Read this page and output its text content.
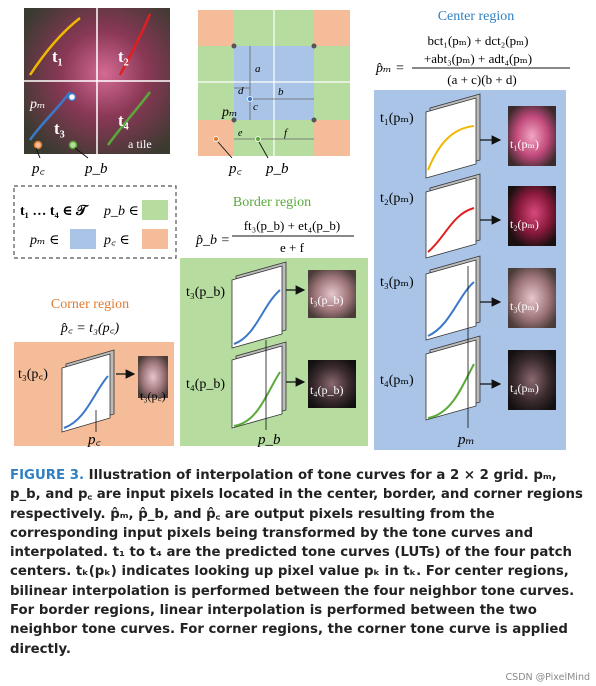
t₁	t₂
t₃	t₄
pₘ
a tile
p꜀	p_b
t₁ … t₄ ∈ 𝒯 p_b ∈
pₘ ∈	p꜀ ∈
a
b
c
d
e	f
pₘ
p꜀ p_b
Center region
bct₁(pₘ) + dct₂(pₘ)
+abt₃(pₘ) + adt₄(pₘ)
(a + c)(b + d)
p̂ₘ =
t₁(pₘ)
t₁(pₘ)
t₂(pₘ)
t₂(pₘ)
t₃(pₘ)
t₃(pₘ)
t₄(pₘ)	t₄(pₘ)
pₘ
Border region
p̂_b =
ft₃(p_b) + et₄(p_b)
e + f
t₃(p_b)	t₃(p_b)
t₄(p_b)	t₄(p_b)
p_b
Corner region
p̂꜀ = t₃(p꜀)
t₃(p꜀)
t₃(p꜀)
p꜀
FIGURE 3. Illustration of interpolation of tone curves for a 2 × 2 grid. pₘ, p_b, and p꜀ are input pixels located in the center, border, and corner regions respectively. p̂ₘ, p̂_b, and p̂꜀ are output pixels resulting from the corresponding input pixels being transformed by the tone curves and interpolated. t₁ to t₄ are the predicted tone curves (LUTs) of the four patch centers. tₖ(pₖ) indicates looking up pixel value pₖ in tₖ. For center regions, bilinear interpolation is performed between the four neighbor tone curves. For border regions, linear interpolation is performed between the two neighbor tone curves. For corner regions, the corner tone curve is applied directly.
CSDN @PixelMind
